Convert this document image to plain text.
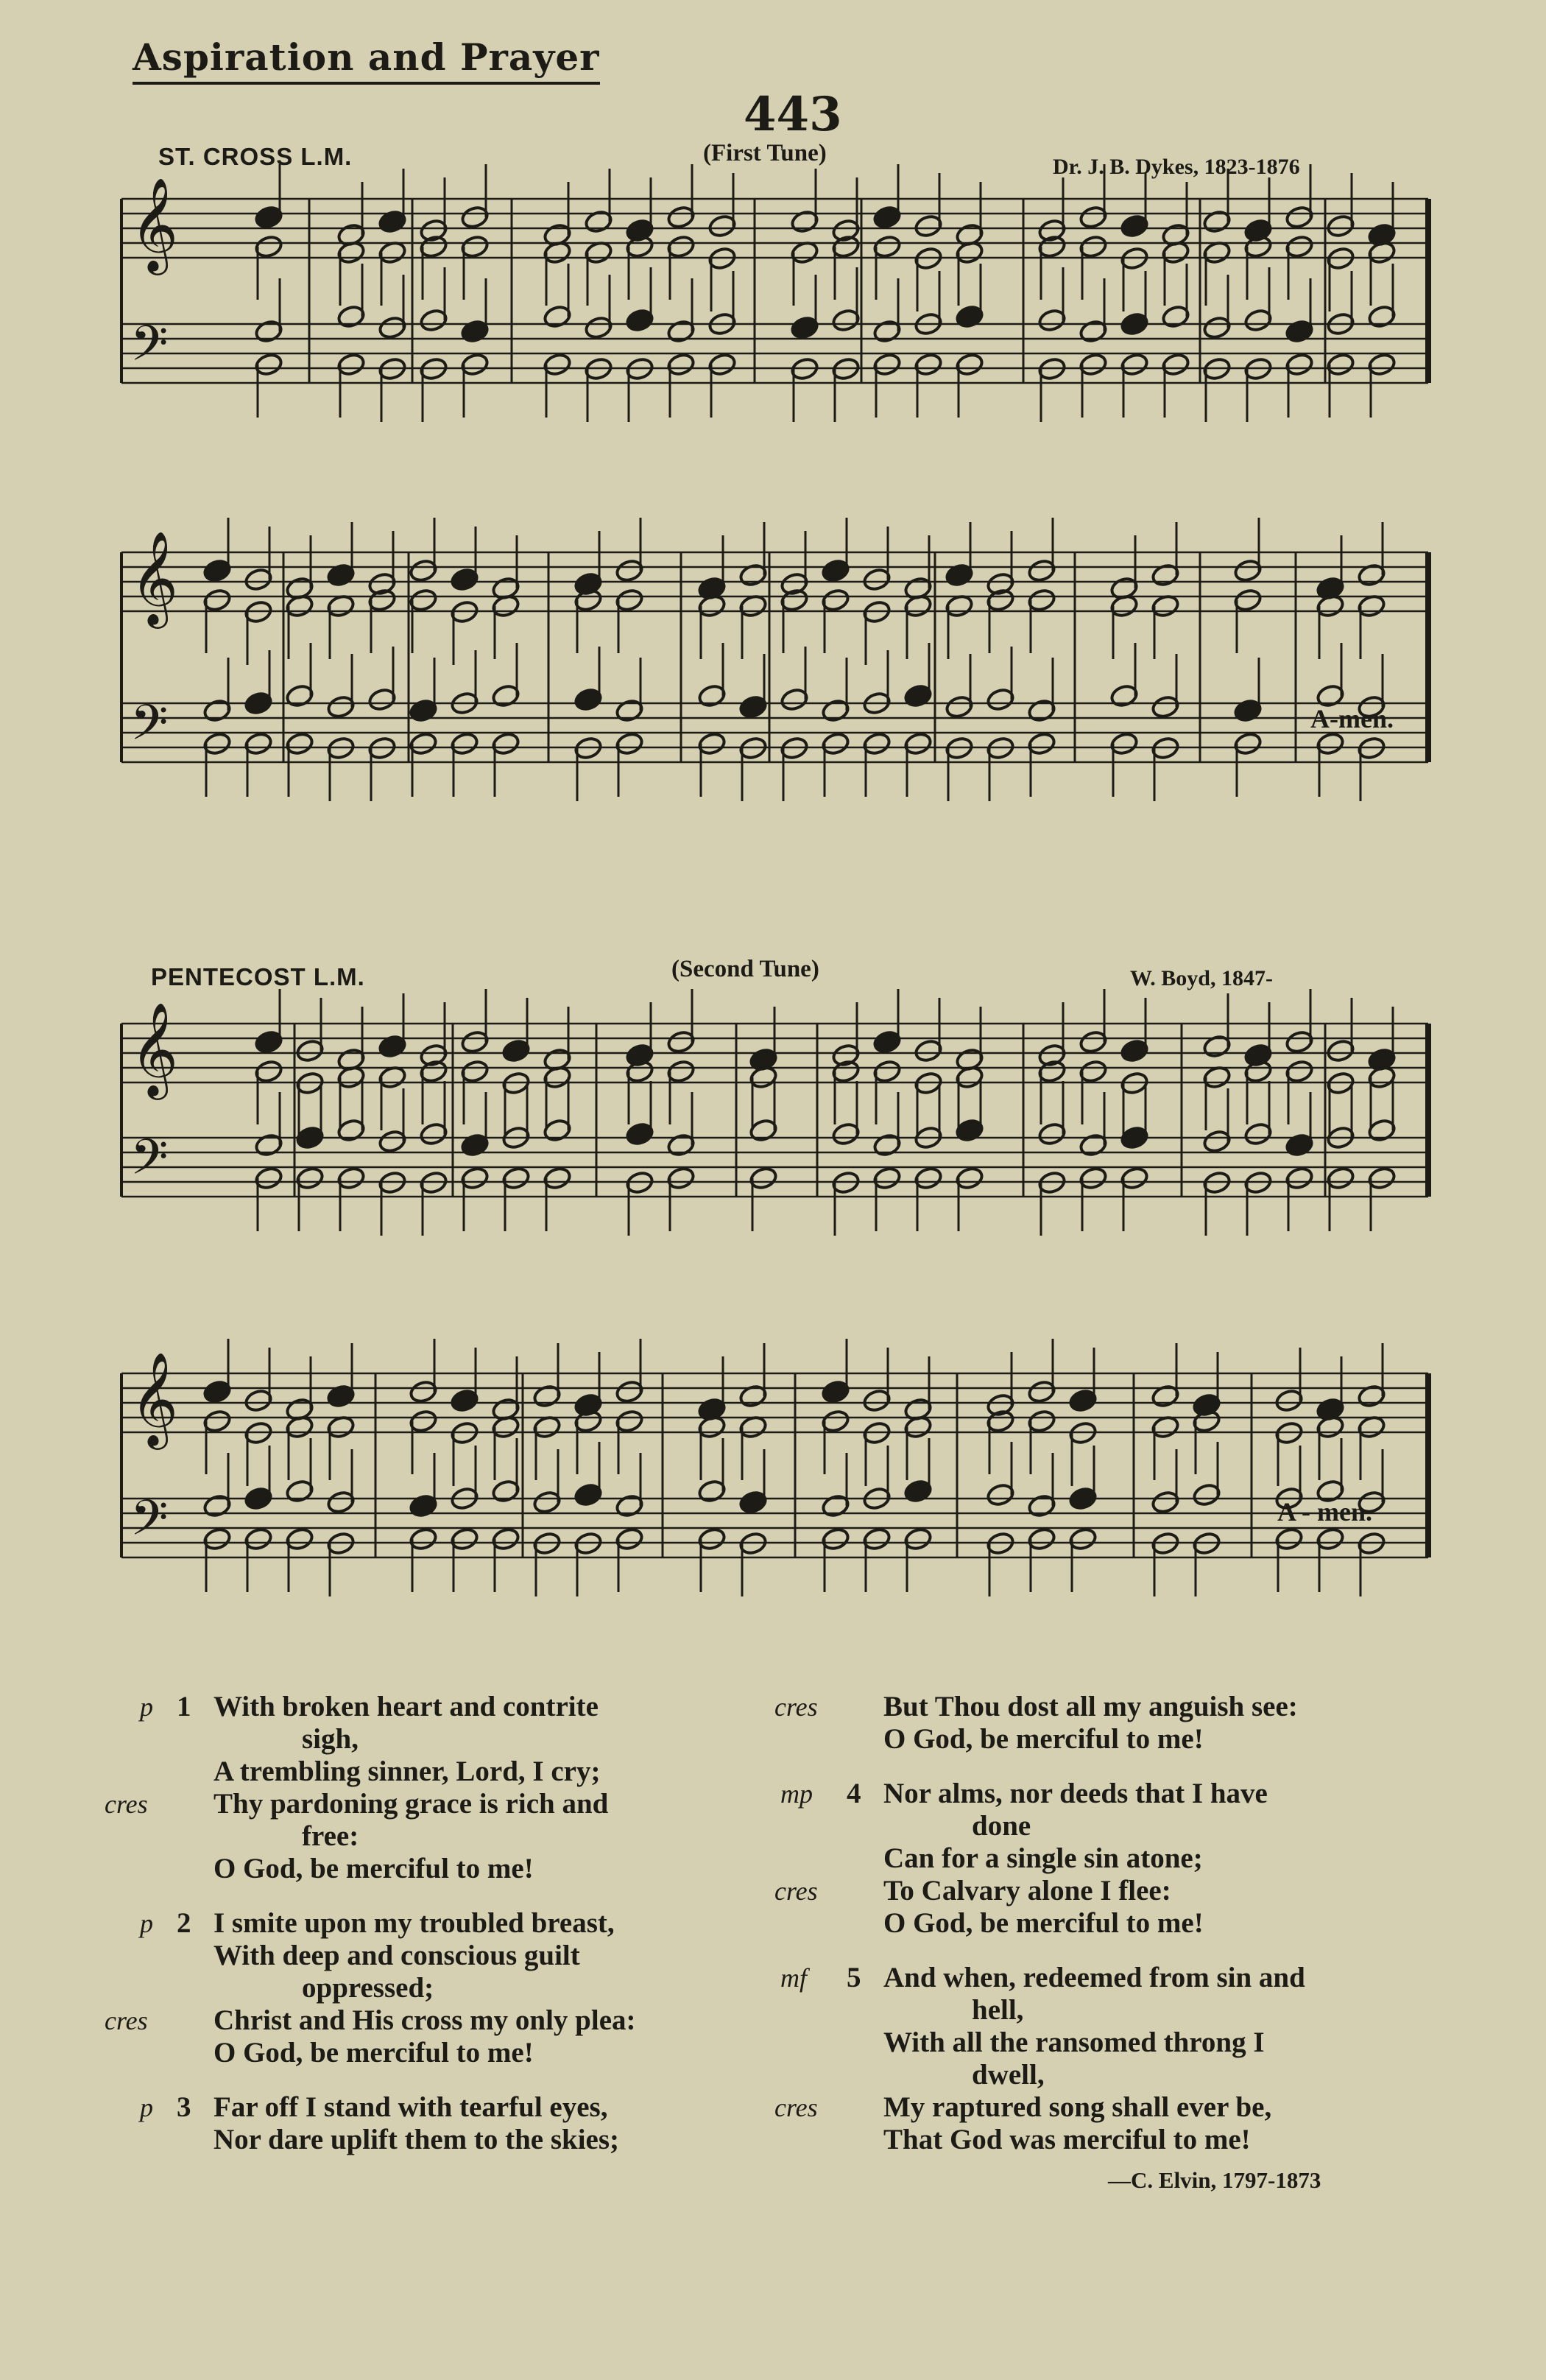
Aspiration and Prayer
443
ST. CROSS L.M.	(First Tune)
Dr. J. B. Dykes, 1823-1876
PENTECOST L.M.	(Second Tune)	W. Boyd, 1847-
𝄞
𝄢
𝄞
𝄢
𝄞
𝄢
𝄞
𝄢
A-men.
A - men.
p 1 With broken heart and contrite
sigh,
A trembling sinner, Lord, I cry;
cres Thy pardoning grace is rich and
free:
O God, be merciful to me!
p 2 I smite upon my troubled breast,
With deep and conscious guilt
oppressed;
cres Christ and His cross my only plea:
O God, be merciful to me!
p 3 Far off I stand with tearful eyes,
Nor dare uplift them to the skies;
cres But Thou dost all my anguish see:
O God, be merciful to me!
mp 4 Nor alms, nor deeds that I have
done
Can for a single sin atone;
cres To Calvary alone I flee:
O God, be merciful to me!
mf 5 And when, redeemed from sin and
hell,
With all the ransomed throng I
dwell,
cres My raptured song shall ever be,
That God was merciful to me!
—C. Elvin, 1797-1873
